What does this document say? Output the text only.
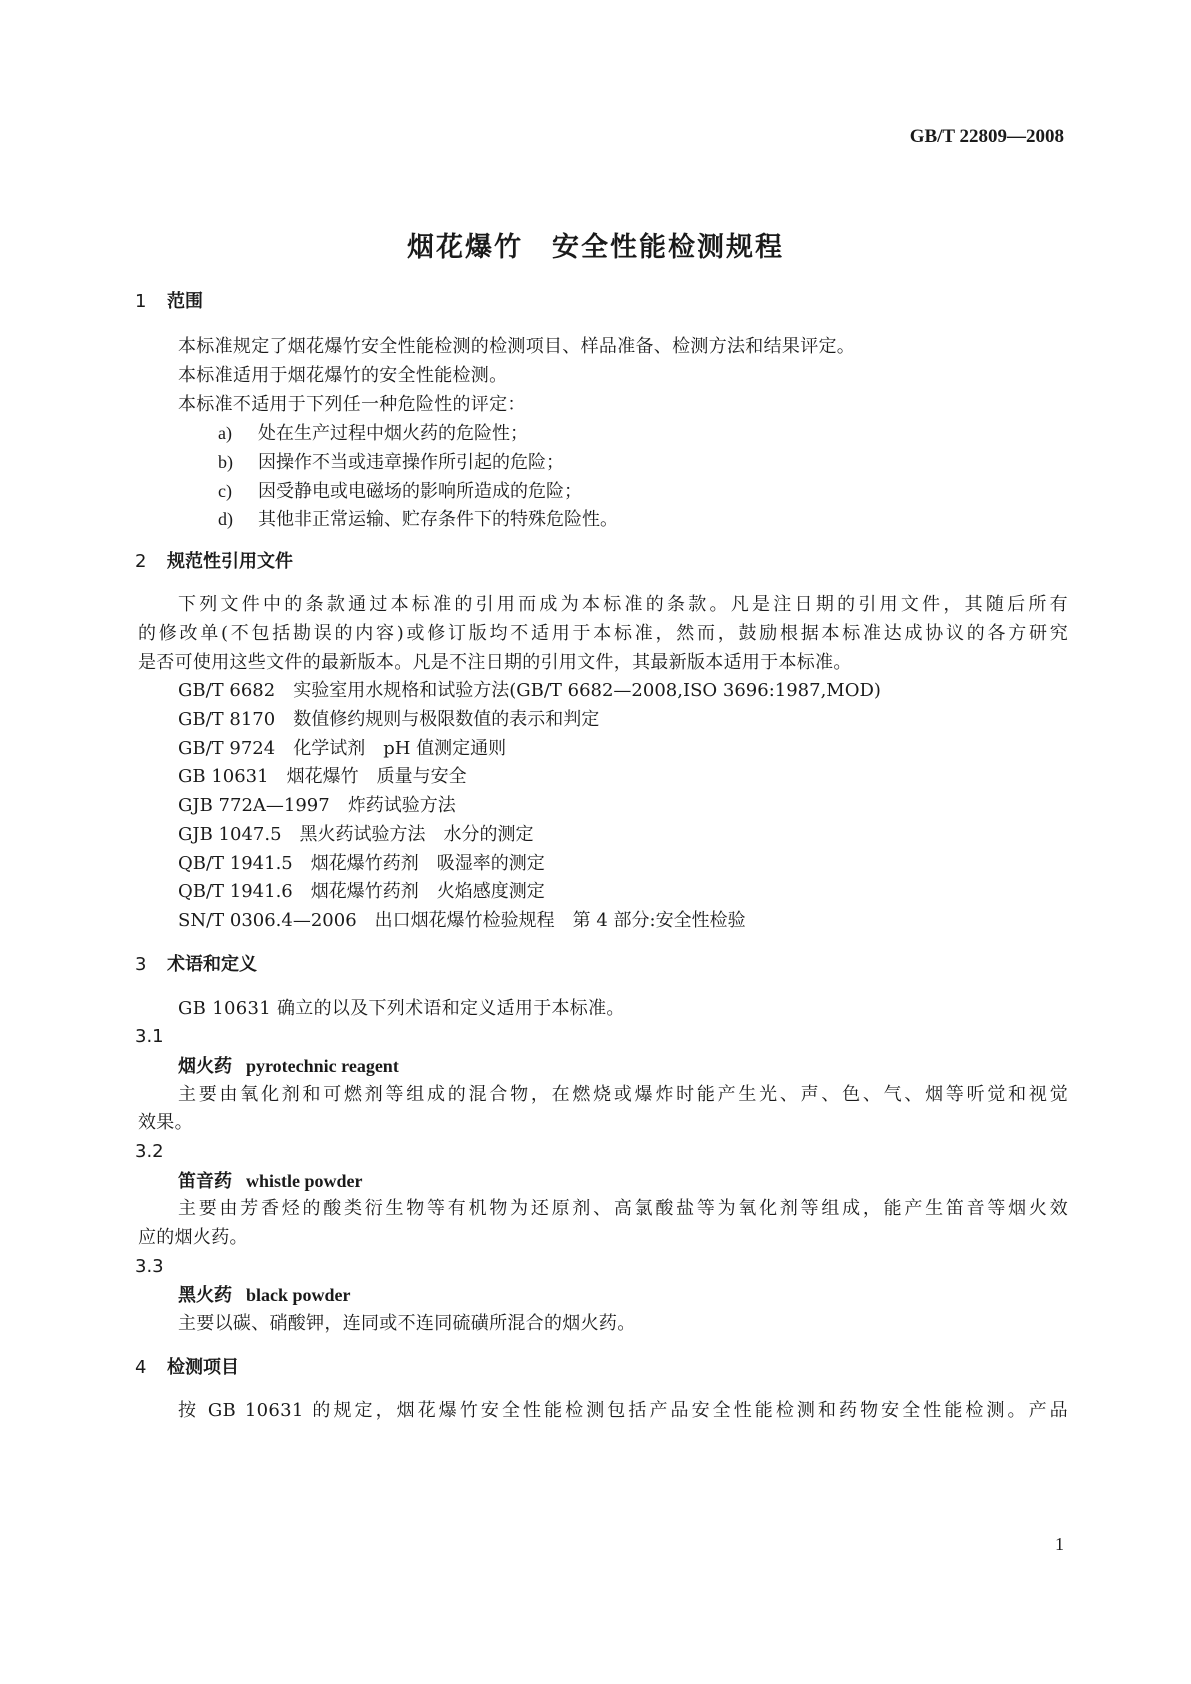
GB/T 22809—2008
烟花爆竹　安全性能检测规程
1 范围
本标准规定了烟花爆竹安全性能检测的检测项目、样品准备、检测方法和结果评定。
本标准适用于烟花爆竹的安全性能检测。
本标准不适用于下列任一种危险性的评定：
a) 处在生产过程中烟火药的危险性；
b) 因操作不当或违章操作所引起的危险；
c) 因受静电或电磁场的影响所造成的危险；
d) 其他非正常运输、贮存条件下的特殊危险性。
2 规范性引用文件
下列文件中的条款通过本标准的引用而成为本标准的条款。凡是注日期的引用文件，其随后所有
的修改单(不包括勘误的内容)或修订版均不适用于本标准，然而，鼓励根据本标准达成协议的各方研究
是否可使用这些文件的最新版本。凡是不注日期的引用文件，其最新版本适用于本标准。
GB/T 6682　实验室用水规格和试验方法(GB/T 6682—2008,ISO 3696:1987,MOD)
GB/T 8170　数值修约规则与极限数值的表示和判定
GB/T 9724　化学试剂　pH 值测定通则
GB 10631　烟花爆竹　质量与安全
GJB 772A—1997　炸药试验方法
GJB 1047.5　黑火药试验方法　水分的测定
QB/T 1941.5　烟花爆竹药剂　吸湿率的测定
QB/T 1941.6　烟花爆竹药剂　火焰感度测定
SN/T 0306.4—2006　出口烟花爆竹检验规程　第 4 部分:安全性检验
3 术语和定义
GB 10631 确立的以及下列术语和定义适用于本标准。
3.1
烟火药 pyrotechnic reagent
主要由氧化剂和可燃剂等组成的混合物，在燃烧或爆炸时能产生光、声、色、气、烟等听觉和视觉
效果。
3.2
笛音药 whistle powder
主要由芳香烃的酸类衍生物等有机物为还原剂、高氯酸盐等为氧化剂等组成，能产生笛音等烟火效
应的烟火药。
3.3
黑火药 black powder
主要以碳、硝酸钾，连同或不连同硫磺所混合的烟火药。
4 检测项目
按 GB 10631 的规定，烟花爆竹安全性能检测包括产品安全性能检测和药物安全性能检测。产品
1
